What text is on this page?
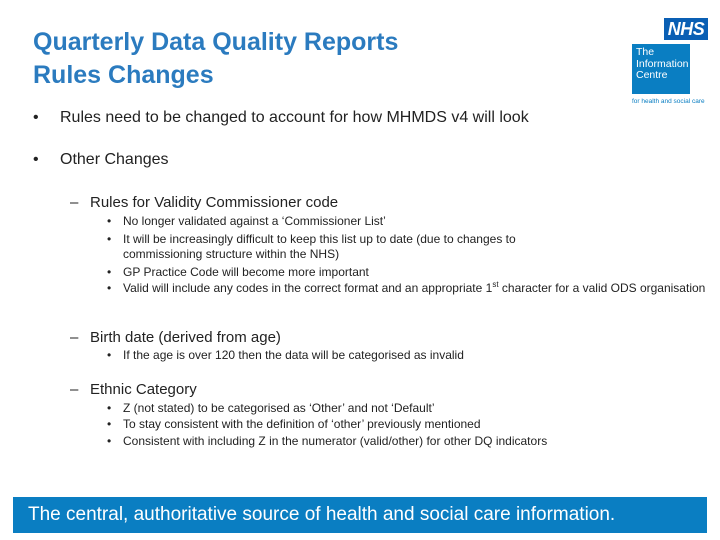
Quarterly Data Quality Reports
Rules Changes
NHS
The
Information
Centre
for health and social care
• Rules need to be changed to account for how MHMDS v4 will look
• Other Changes
– Rules for Validity Commissioner code
• No longer validated against a ‘Commissioner List’
• It will be increasingly difficult to keep this list up to date (due to changes to commissioning structure within the NHS)
• GP Practice Code will become more important
• Valid will include any codes in the correct format and an appropriate 1st character for a valid ODS organisation
– Birth date (derived from age)
• If the age is over 120 then the data will be categorised as invalid
– Ethnic Category
• Z (not stated) to be categorised as ‘Other’ and not ‘Default’
• To stay consistent with the definition of ‘other’ previously mentioned
• Consistent with including Z in the numerator (valid/other) for other DQ indicators
The central, authoritative source of health and social care information.
